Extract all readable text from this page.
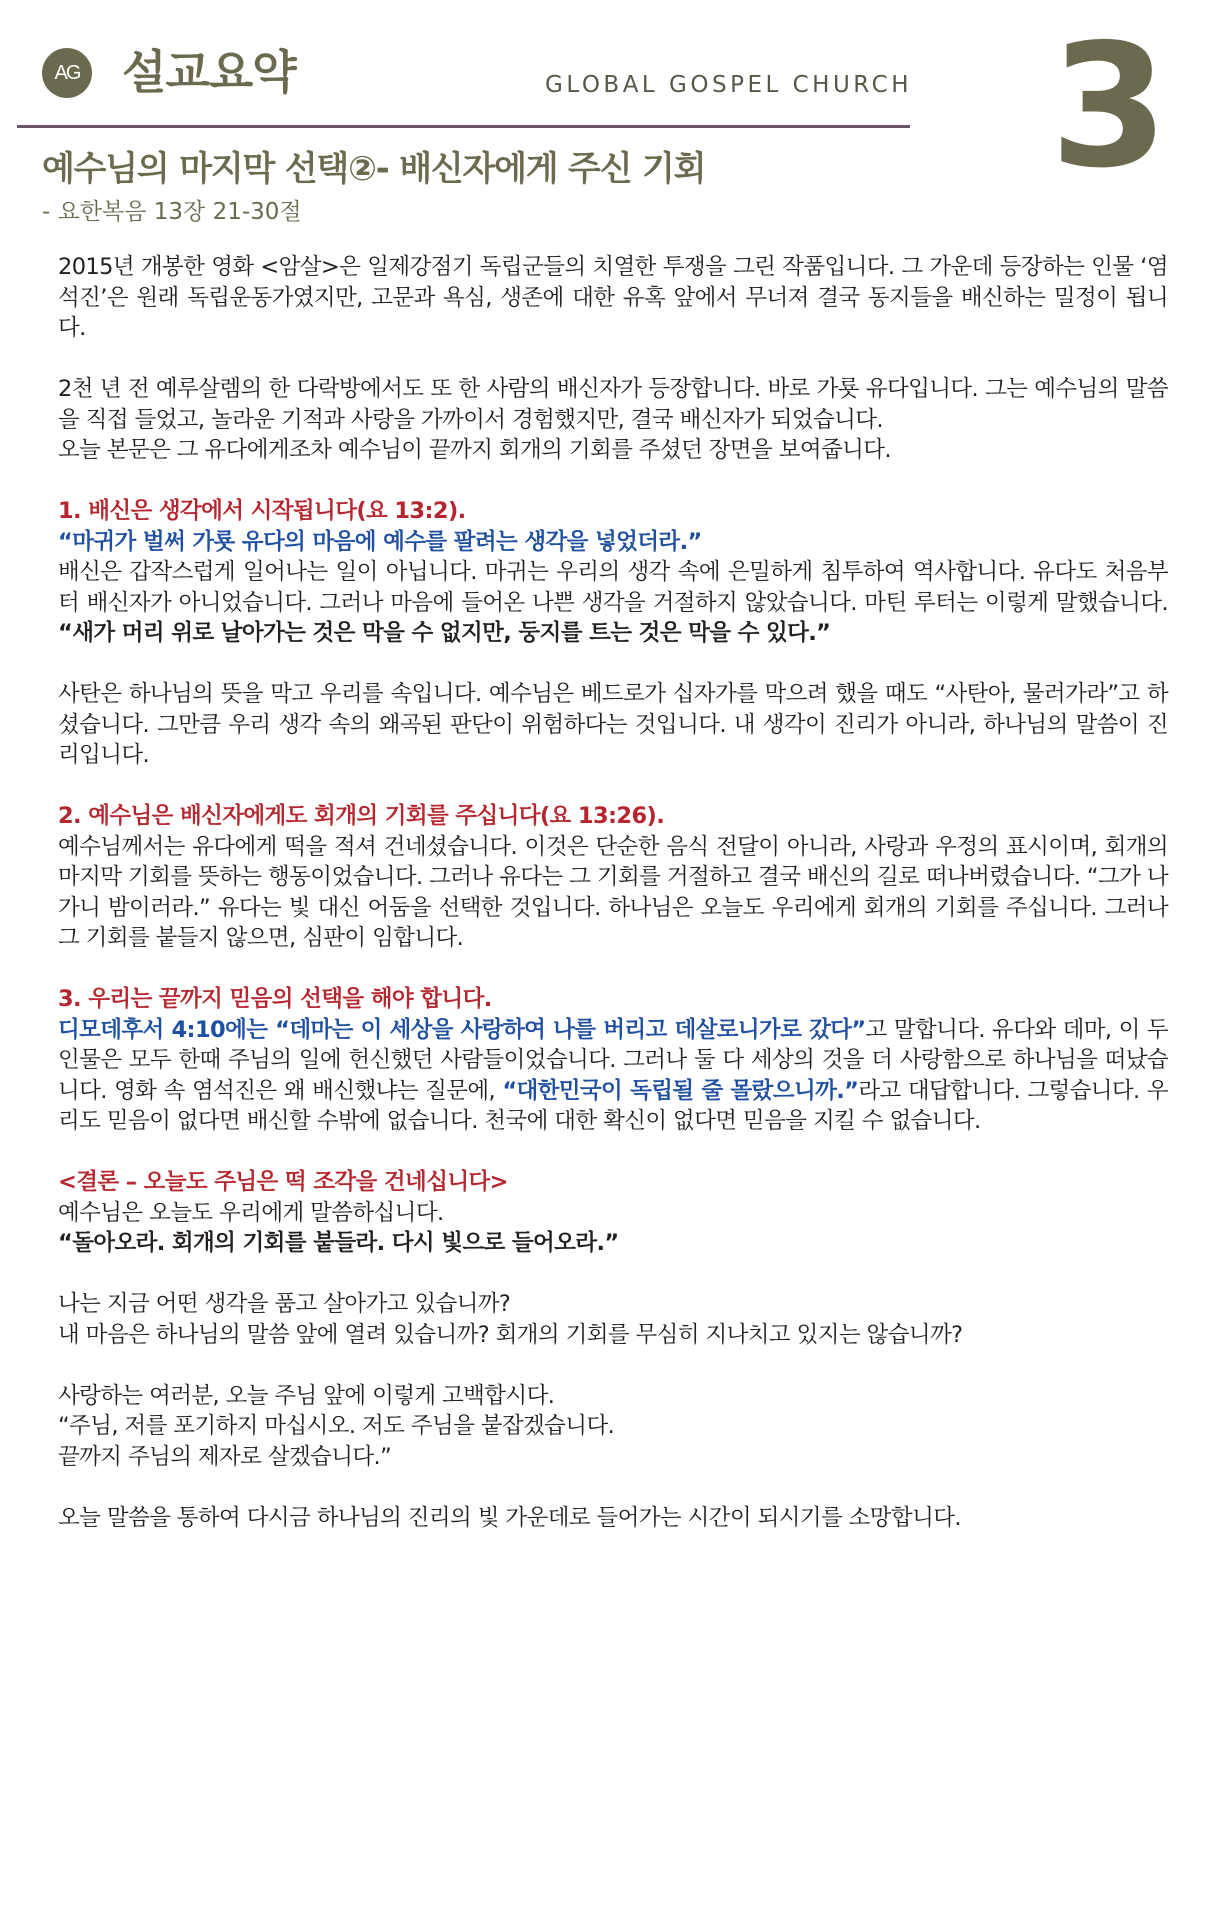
AG 설교요약	GLOBAL GOSPEL CHURCH 3
예수님의 마지막 선택②- 배신자에게 주신 기회
- 요한복음 13장 21-30절

2015년 개봉한 영화 <암살>은 일제강점기 독립군들의 치열한 투쟁을 그린 작품입니다. 그 가운데 등장하는 인물 ‘염석진’은 원래 독립운동가였지만, 고문과 욕심, 생존에 대한 유혹 앞에서 무너져 결국 동지들을 배신하는 밀정이 됩니다.

2천 년 전 예루살렘의 한 다락방에서도 또 한 사람의 배신자가 등장합니다. 바로 가룟 유다입니다. 그는 예수님의 말씀을 직접 들었고, 놀라운 기적과 사랑을 가까이서 경험했지만, 결국 배신자가 되었습니다.

오늘 본문은 그 유다에게조차 예수님이 끝까지 회개의 기회를 주셨던 장면을 보여줍니다.

1. 배신은 생각에서 시작됩니다(요 13:2).

“마귀가 벌써 가룟 유다의 마음에 예수를 팔려는 생각을 넣었더라.”

배신은 갑작스럽게 일어나는 일이 아닙니다. 마귀는 우리의 생각 속에 은밀하게 침투하여 역사합니다. 유다도 처음부터 배신자가 아니었습니다. 그러나 마음에 들어온 나쁜 생각을 거절하지 않았습니다. 마틴 루터는 이렇게 말했습니다. “새가 머리 위로 날아가는 것은 막을 수 없지만, 둥지를 트는 것은 막을 수 있다.”

사탄은 하나님의 뜻을 막고 우리를 속입니다. 예수님은 베드로가 십자가를 막으려 했을 때도 “사탄아, 물러가라”고 하셨습니다. 그만큼 우리 생각 속의 왜곡된 판단이 위험하다는 것입니다. 내 생각이 진리가 아니라, 하나님의 말씀이 진리입니다.

2. 예수님은 배신자에게도 회개의 기회를 주십니다(요 13:26).

예수님께서는 유다에게 떡을 적셔 건네셨습니다. 이것은 단순한 음식 전달이 아니라, 사랑과 우정의 표시이며, 회개의 마지막 기회를 뜻하는 행동이었습니다. 그러나 유다는 그 기회를 거절하고 결국 배신의 길로 떠나버렸습니다. “그가 나가니 밤이러라.” 유다는 빛 대신 어둠을 선택한 것입니다. 하나님은 오늘도 우리에게 회개의 기회를 주십니다. 그러나 그 기회를 붙들지 않으면, 심판이 임합니다.

3. 우리는 끝까지 믿음의 선택을 해야 합니다.

디모데후서 4:10에는 “데마는 이 세상을 사랑하여 나를 버리고 데살로니가로 갔다”고 말합니다. 유다와 데마, 이 두 인물은 모두 한때 주님의 일에 헌신했던 사람들이었습니다. 그러나 둘 다 세상의 것을 더 사랑함으로 하나님을 떠났습니다. 영화 속 염석진은 왜 배신했냐는 질문에, “대한민국이 독립될 줄 몰랐으니까.”라고 대답합니다. 그렇습니다. 우리도 믿음이 없다면 배신할 수밖에 없습니다. 천국에 대한 확신이 없다면 믿음을 지킬 수 없습니다.

<결론 – 오늘도 주님은 떡 조각을 건네십니다>

예수님은 오늘도 우리에게 말씀하십니다.

“돌아오라. 회개의 기회를 붙들라. 다시 빛으로 들어오라.”

나는 지금 어떤 생각을 품고 살아가고 있습니까?

내 마음은 하나님의 말씀 앞에 열려 있습니까? 회개의 기회를 무심히 지나치고 있지는 않습니까?

사랑하는 여러분, 오늘 주님 앞에 이렇게 고백합시다.

“주님, 저를 포기하지 마십시오. 저도 주님을 붙잡겠습니다.

끝까지 주님의 제자로 살겠습니다.”

오늘 말씀을 통하여 다시금 하나님의 진리의 빛 가운데로 들어가는 시간이 되시기를 소망합니다.
